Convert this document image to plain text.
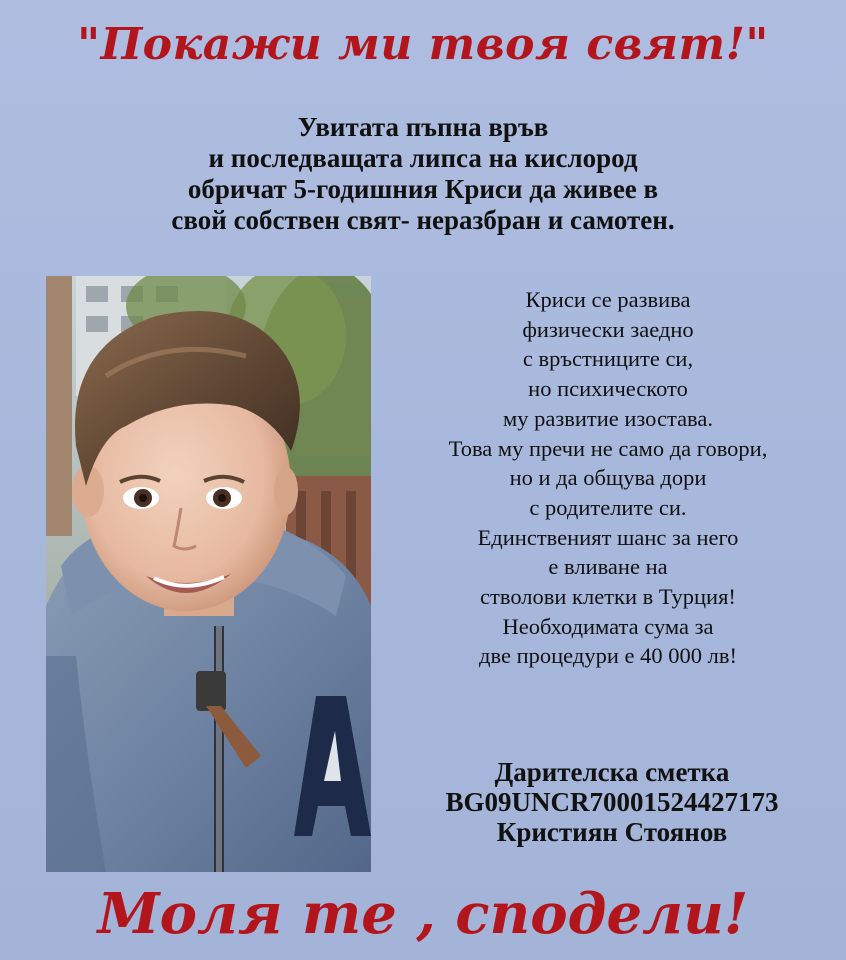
"Покажи ми твоя свят!"
Увитата пъпна връв
и последващата липса на кислород
обричат 5-годишния Криси да живее в
свой собствен свят- неразбран и самотен.
Криси се развива
физически заедно
с връстниците си,
но психическото
му развитие изостава.
Това му пречи не само да говори,
но и да общува дори
с родителите си.
Единственият шанс за него
е вливане на
стволови клетки в Турция!
Необходимата сума за
две процедури е 40 000 лв!
Дарителска сметка
BG09UNCR70001524427173
Кристиян Стоянов
Моля те , сподели!
